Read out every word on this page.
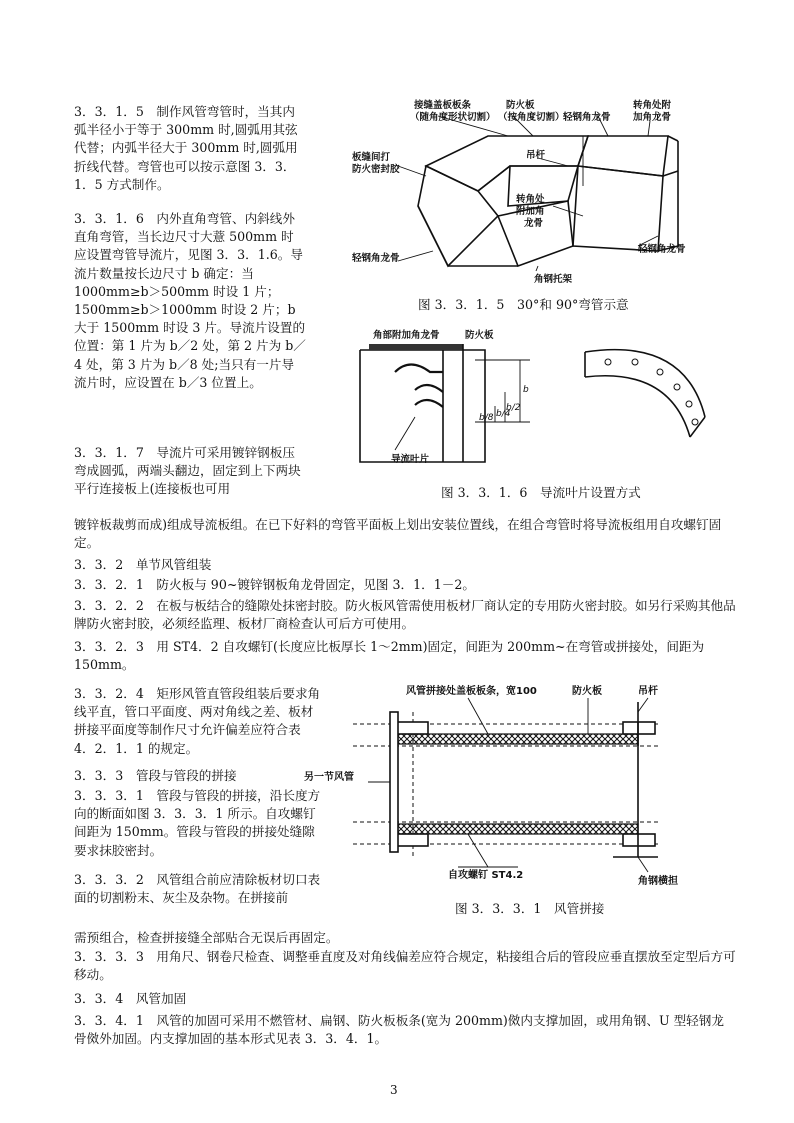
3．3．1．5　制作风管弯管时，当其内弧半径小于等于 300mm 时,圆弧用其弦代替；内弧半径大于 300mm 时,圆弧用折线代替。弯管也可以按示意图 3．3．1．5 方式制作。

3．3．1．6　内外直角弯管、内斜线外直角弯管，当长边尺寸大薏 500mm 时应设置弯管导流片，见图 3．3．1.6。导流片数量按长边尺寸 b 确定：当 1000mm≥b＞500mm 时设 1 片；1500mm≥b＞1000mm 时设 2 片；b 大于 1500mm 时设 3 片。导流片设置的位置：第 1 片为 b／2 处，第 2 片为 b／4 处，第 3 片为 b／8 处;当只有一片导流片时，应设置在 b／3 位置上。

3．3．1．7　导流片可采用镀锌钢板压弯成圆弧，两端头翻边，固定到上下两块平行连接板上(连接板也可用

接缝盖板板条
（随角度形状切割）
防火板
（按角度切割）
轻钢角龙骨
转角处附
加角龙骨
板缝间打
防火密封胶
吊杆
转角处
附加角
龙骨
轻钢角龙骨
轻钢角龙骨
角钢托架
图 3．3．1．5　30°和 90°弯管示意
角部附加角龙骨	防火板
导流叶片
b
b/2
b/4
b/8
图 3．3．1．6　导流叶片设置方式

镀锌板裁剪而成)组成导流板组。在已下好料的弯管平面板上划出安装位置线，在组合弯管时将导流板组用自攻螺钉固定。

3．3．2　单节风管组装

3．3．2．1　防火板与 90~镀锌钢板角龙骨固定，见图 3．1．1－2。

3．3．2．2　在板与板结合的缝隙处抹密封胶。防火板风管需使用板材厂商认定的专用防火密封胶。如另行采购其他品牌防火密封胶，必须经监理、板材厂商检查认可后方可使用。

3．3．2．3　用 ST4．2 自攻螺钉(长度应比板厚长 1～2mm)固定，间距为 200mm~在弯管或拼接处，间距为 150mm。

3．3．2．4　矩形风管直管段组装后要求角线平直，管口平面度、两对角线之差、板材拼接平面度等制作尺寸允许偏差应符合表 4．2．1．1 的规定。

3．3．3　管段与管段的拼接

3．3．3．1　管段与管段的拼接，沿长度方向的断面如图 3．3．3．1 所示。自攻螺钉间距为 150mm。管段与管段的拼接处缝隙要求抹胶密封。

3．3．3．2　风管组合前应清除板材切口表面的切割粉末、灰尘及杂物。在拼接前

风管拼接处盖板板条，宽100	防火板	吊杆
另一节风管
自攻螺钉 ST4.2
角钢横担
图 3．3．3．1　风管拼接

需预组合，检查拼接缝全部贴合无误后再固定。

3．3．3．3　用角尺、钢卷尺检查、调整垂直度及对角线偏差应符合规定，粘接组合后的管段应垂直摆放至定型后方可移动。

3．3．4　风管加固

3．3．4．1　风管的加固可采用不燃管材、扁钢、防火板板条(宽为 200mm)傚内支撑加固，或用角钢、U 型轻钢龙骨傚外加固。内支撑加固的基本形式见表 3．3．4．1。

3
